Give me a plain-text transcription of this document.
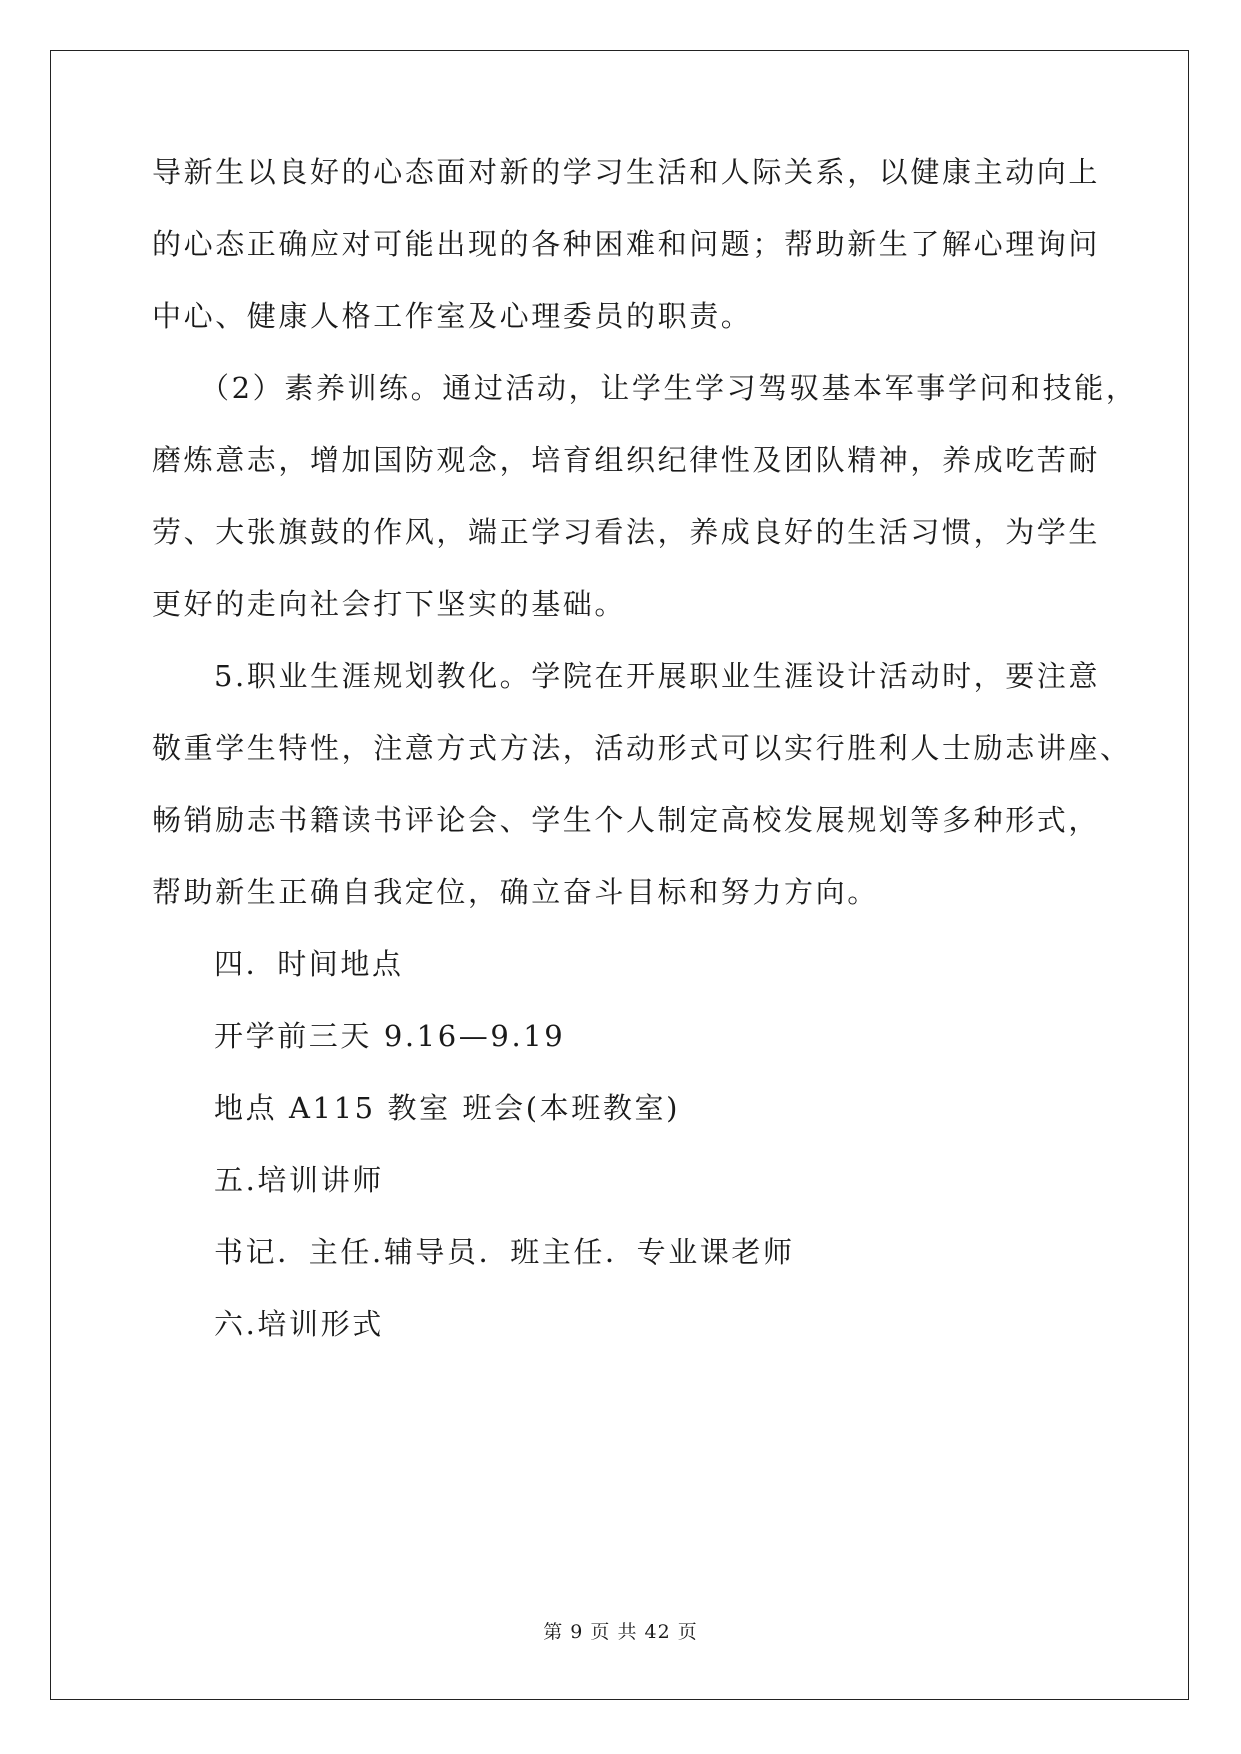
导新生以良好的心态面对新的学习生活和人际关系，以健康主动向上
的心态正确应对可能出现的各种困难和问题；帮助新生了解心理询问
中心、健康人格工作室及心理委员的职责。
（2）素养训练。通过活动，让学生学习驾驭基本军事学问和技能，
磨炼意志，增加国防观念，培育组织纪律性及团队精神，养成吃苦耐
劳、大张旗鼓的作风，端正学习看法，养成良好的生活习惯，为学生
更好的走向社会打下坚实的基础。
5.职业生涯规划教化。学院在开展职业生涯设计活动时，要注意
敬重学生特性，注意方式方法，活动形式可以实行胜利人士励志讲座、
畅销励志书籍读书评论会、学生个人制定高校发展规划等多种形式，
帮助新生正确自我定位，确立奋斗目标和努力方向。
四．时间地点
开学前三天 9.16—9.19
地点 A115 教室 班会(本班教室)
五.培训讲师
书记．主任.辅导员．班主任．专业课老师
六.培训形式
第 9 页 共 42 页
